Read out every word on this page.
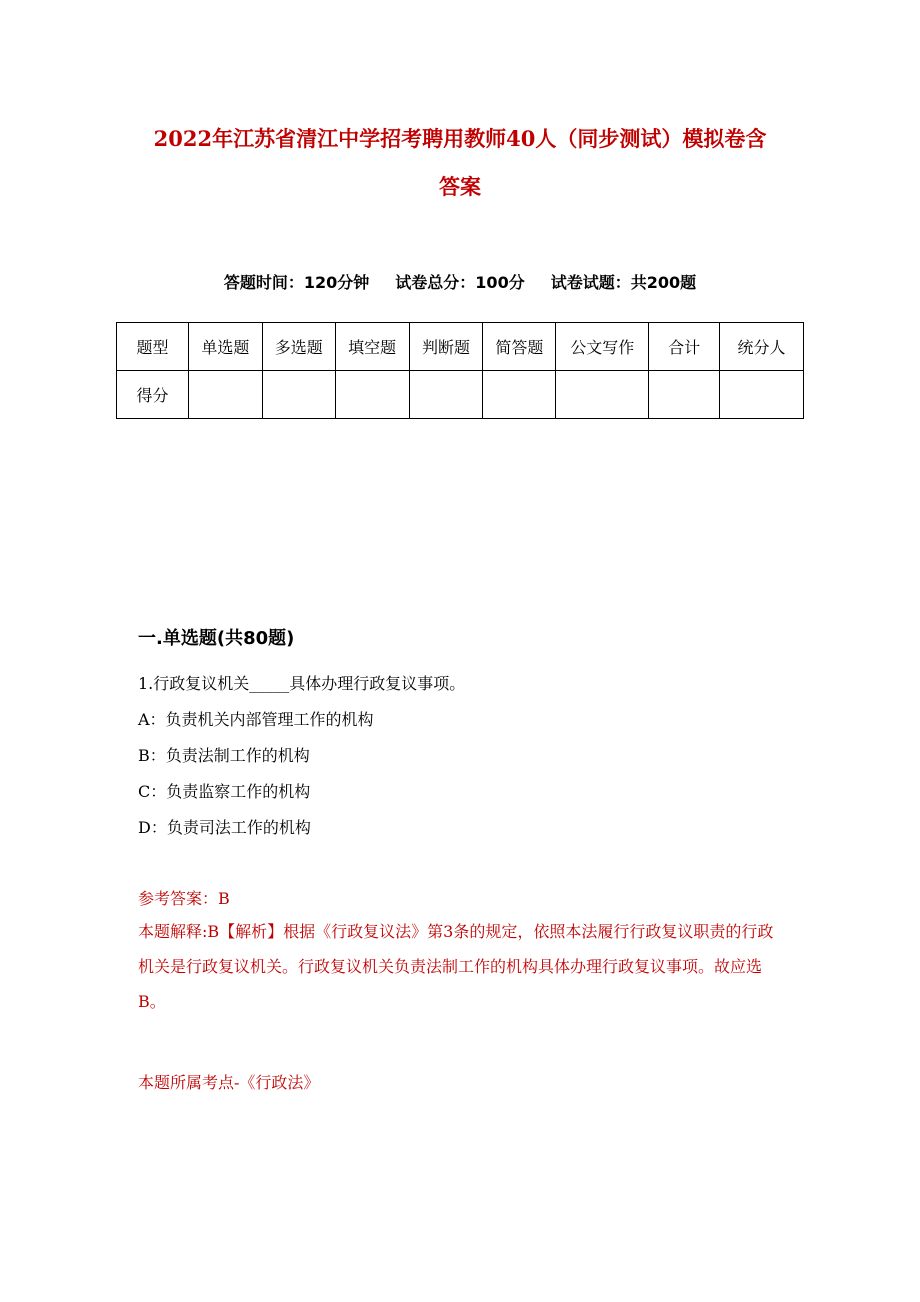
2022年江苏省清江中学招考聘用教师40人（同步测试）模拟卷含
答案
答题时间：120分钟 试卷总分：100分 试卷试题：共200题
题型	单选题	多选题	填空题	判断题	简答题	公文写作	合计	统分人
得分								
一.单选题(共80题)
1.行政复议机关_____具体办理行政复议事项。
A：负责机关内部管理工作的机构
B：负责法制工作的机构
C：负责监察工作的机构
D：负责司法工作的机构
参考答案：B
本题解释:B【解析】根据《行政复议法》第3条的规定，依照本法履行行政复议职责的行政机关是行政复议机关。行政复议机关负责法制工作的机构具体办理行政复议事项。故应选B。
本题所属考点-《行政法》
